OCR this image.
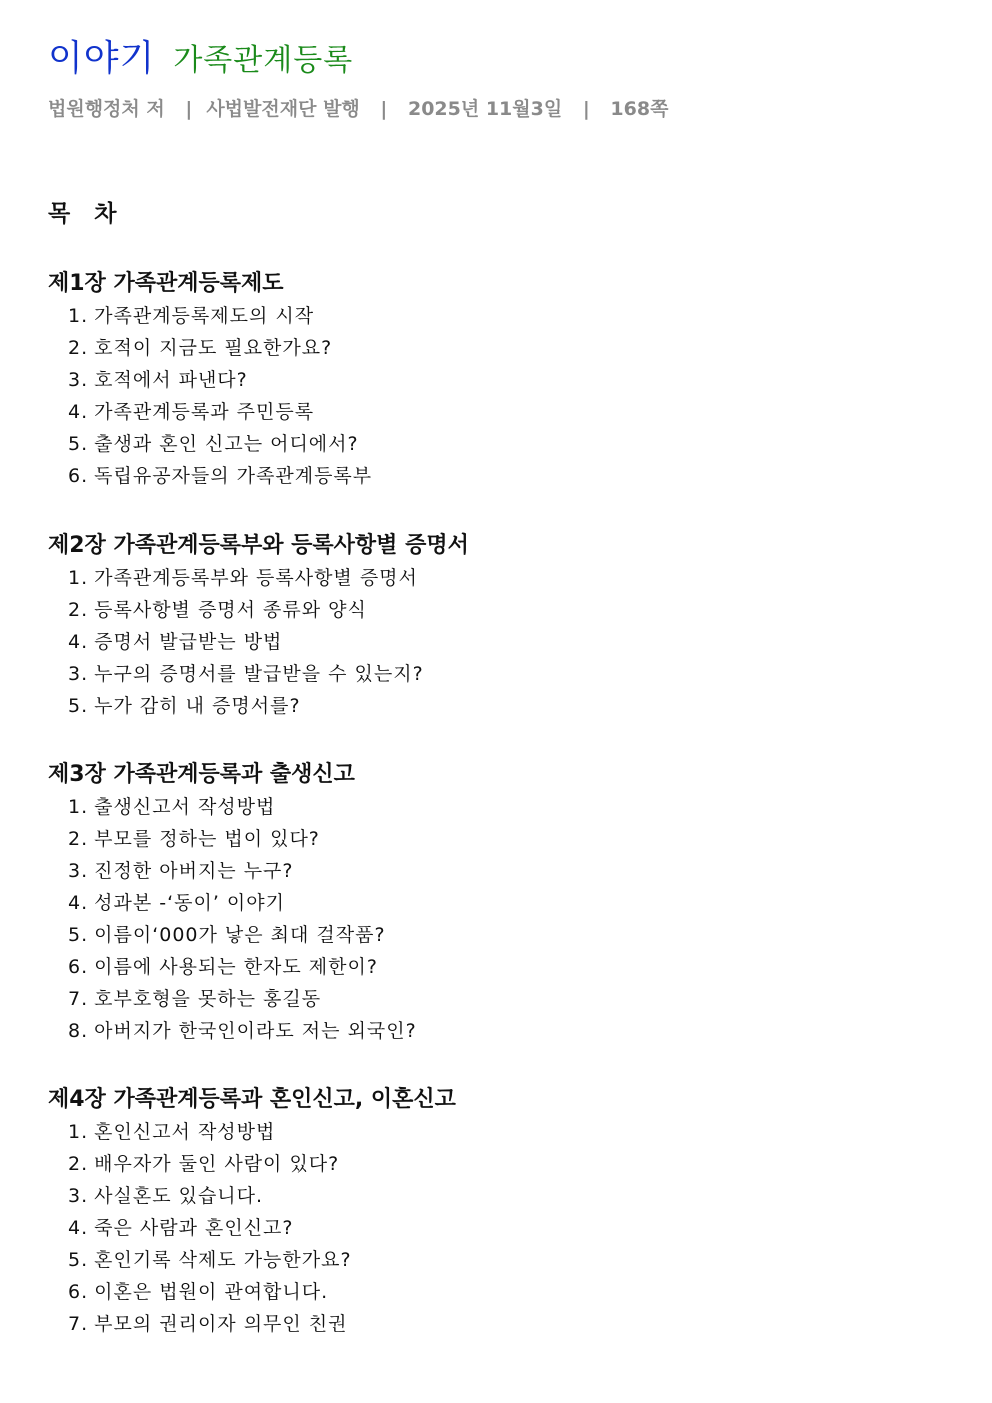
이야기 가족관계등록
법원행정처 저 | 사법발전재단 발행 | 2025년 11월3일 | 168쪽
목 차
제1장 가족관계등록제도
1. 가족관계등록제도의 시작
2. 호적이 지금도 필요한가요?
3. 호적에서 파낸다?
4. 가족관계등록과 주민등록
5. 출생과 혼인 신고는 어디에서?
6. 독립유공자들의 가족관계등록부
제2장 가족관계등록부와 등록사항별 증명서
1. 가족관계등록부와 등록사항별 증명서
2. 등록사항별 증명서 종류와 양식
4. 증명서 발급받는 방법
3. 누구의 증명서를 발급받을 수 있는지?
5. 누가 감히 내 증명서를?
제3장 가족관계등록과 출생신고
1. 출생신고서 작성방법
2. 부모를 정하는 법이 있다?
3. 진정한 아버지는 누구?
4. 성과본 -‘동이’ 이야기
5. 이름이‘000가 낳은 최대 걸작품?
6. 이름에 사용되는 한자도 제한이?
7. 호부호형을 못하는 홍길동
8. 아버지가 한국인이라도 저는 외국인?
제4장 가족관계등록과 혼인신고, 이혼신고
1. 혼인신고서 작성방법
2. 배우자가 둘인 사람이 있다?
3. 사실혼도 있습니다.
4. 죽은 사람과 혼인신고?
5. 혼인기록 삭제도 가능한가요?
6. 이혼은 법원이 관여합니다.
7. 부모의 권리이자 의무인 친권
